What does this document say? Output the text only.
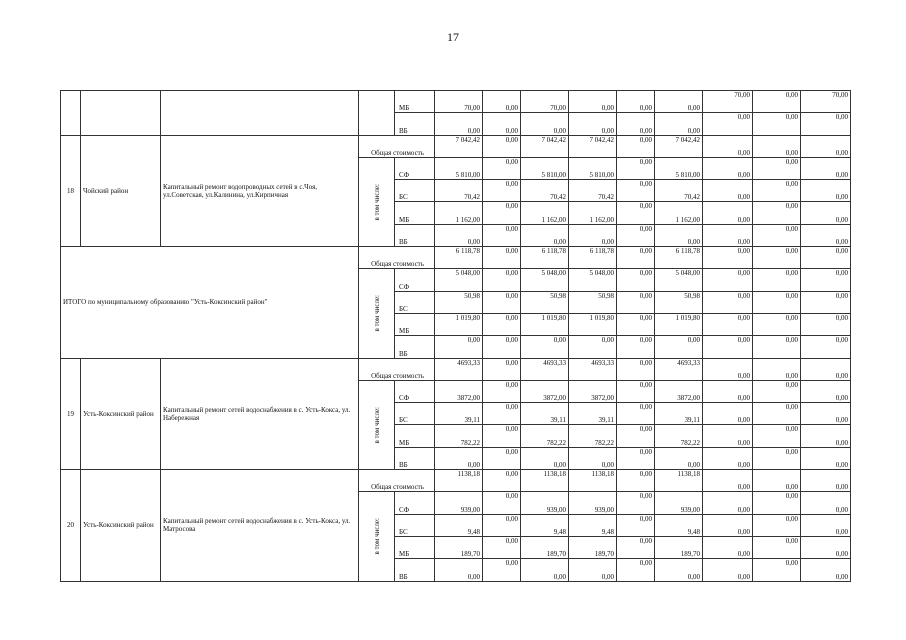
17
				МБ	70,00	0,00	70,00	0,00	0,00	0,00	70,00	0,00	70,00
				ВБ	0,00	0,00	0,00	0,00	0,00	0,00	0,00	0,00	0,00
18	Чойский район	Капитальный ремонт водопроводных сетей в с.Чоя, ул.Советская, ул.Калинина, ул.Кирпичная	Общая стоимость		7 042,42	0,00	7 042,42	7 042,42	0,00	7 042,42	0,00	0,00	0,00

			в том числе:	СФ	5 810,00	0,00	5 810,00	5 810,00	0,00	5 810,00	0,00	0,00	0,00
				БС	70,42	0,00	70,42	70,42	0,00	70,42	0,00	0,00	0,00
				МБ	1 162,00	0,00	1 162,00	1 162,00	0,00	1 162,00	0,00	0,00	0,00
				ВБ	0,00	0,00	0,00	0,00	0,00	0,00	0,00	0,00	0,00
ИТОГО по муниципальному образованию "Усть-Коксинский район"			Общая стоимость		6 118,78	0,00	6 118,78	6 118,78	0,00	6 118,78	0,00	0,00	0,00

			в том числе:	СФ	5 048,00	0,00	5 048,00	5 048,00	0,00	5 048,00	0,00	0,00	0,00
				БС	50,98	0,00	50,98	50,98	0,00	50,98	0,00	0,00	0,00
				МБ	1 019,80	0,00	1 019,80	1 019,80	0,00	1 019,80	0,00	0,00	0,00
				ВБ	0,00	0,00	0,00	0,00	0,00	0,00	0,00	0,00	0,00
19	Усть-Коксинский район	Капитальный ремонт сетей водоснабжения в с. Усть-Кокса, ул. Набережная	Общая стоимость		4693,33	0,00	4693,33	4693,33	0,00	4693,33	0,00	0,00	0,00

			в том числе:	СФ	3872,00	0,00	3872,00	3872,00	0,00	3872,00	0,00	0,00	0,00
				БС	39,11	0,00	39,11	39,11	0,00	39,11	0,00	0,00	0,00
				МБ	782,22	0,00	782,22	782,22	0,00	782,22	0,00	0,00	0,00
				ВБ	0,00	0,00	0,00	0,00	0,00	0,00	0,00	0,00	0,00
20	Усть-Коксинский район	Капитальный ремонт сетей водоснабжения в с. Усть-Кокса, ул. Матросова	Общая стоимость		1138,18	0,00	1138,18	1138,18	0,00	1138,18	0,00	0,00	0,00

			в том числе:	СФ	939,00	0,00	939,00	939,00	0,00	939,00	0,00	0,00	0,00
				БС	9,48	0,00	9,48	9,48	0,00	9,48	0,00	0,00	0,00
				МБ	189,70	0,00	189,70	189,70	0,00	189,70	0,00	0,00	0,00
				ВБ	0,00	0,00	0,00	0,00	0,00	0,00	0,00	0,00	0,00
